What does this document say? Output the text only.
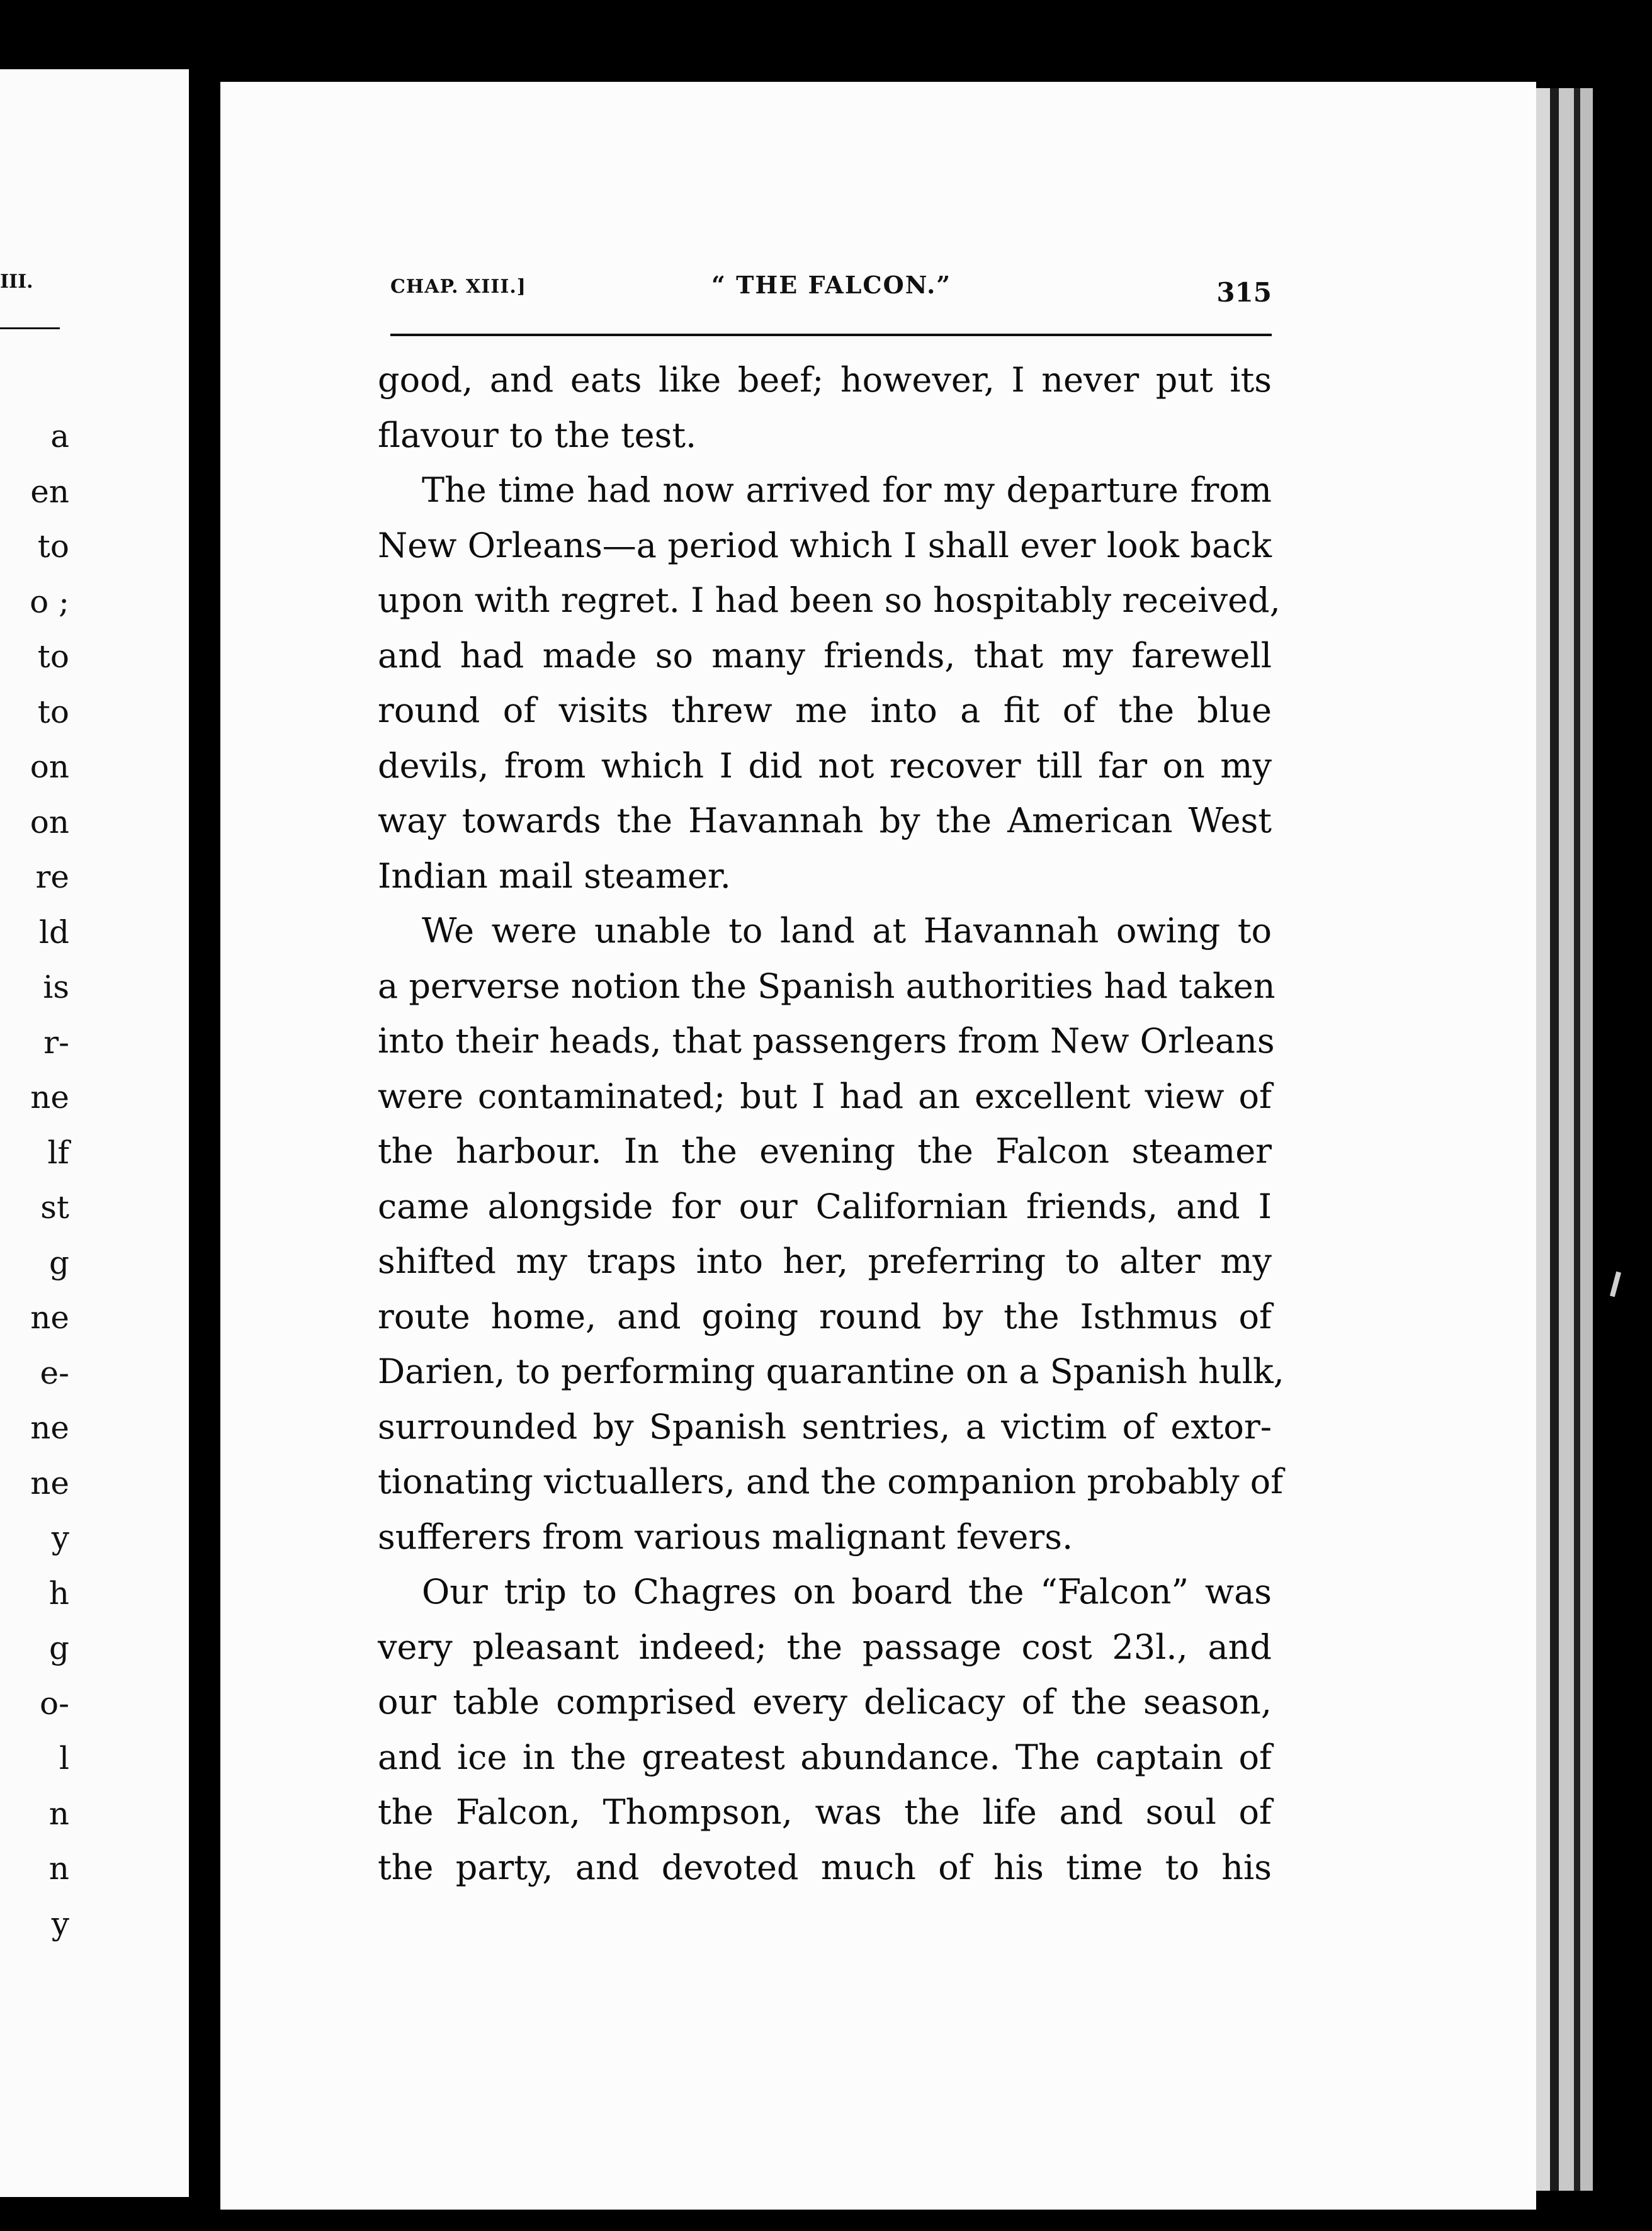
III.
a
en
to
o ;
to
to
on
on
re
ld
is
r-
ne
lf
st
g
ne
e-
ne
ne
y
h
g
o-
l
n
n
y
CHAP. XIII.]	“ THE FALCON.”	315
good, and eats like beef; however, I never put its
flavour to the test.
The time had now arrived for my departure from
New Orleans—a period which I shall ever look back
upon with regret. I had been so hospitably received,
and had made so many friends, that my farewell
round of visits threw me into a fit of the blue
devils, from which I did not recover till far on my
way towards the Havannah by the American West
Indian mail steamer.
We were unable to land at Havannah owing to
a perverse notion the Spanish authorities had taken
into their heads, that passengers from New Orleans
were contaminated; but I had an excellent view of
the harbour. In the evening the Falcon steamer
came alongside for our Californian friends, and I
shifted my traps into her, preferring to alter my
route home, and going round by the Isthmus of
Darien, to performing quarantine on a Spanish hulk,
surrounded by Spanish sentries, a victim of extor-
tionating victuallers, and the companion probably of
sufferers from various malignant fevers.
Our trip to Chagres on board the “Falcon” was
very pleasant indeed; the passage cost 23l., and
our table comprised every delicacy of the season,
and ice in the greatest abundance. The captain of
the Falcon, Thompson, was the life and soul of
the party, and devoted much of his time to his
